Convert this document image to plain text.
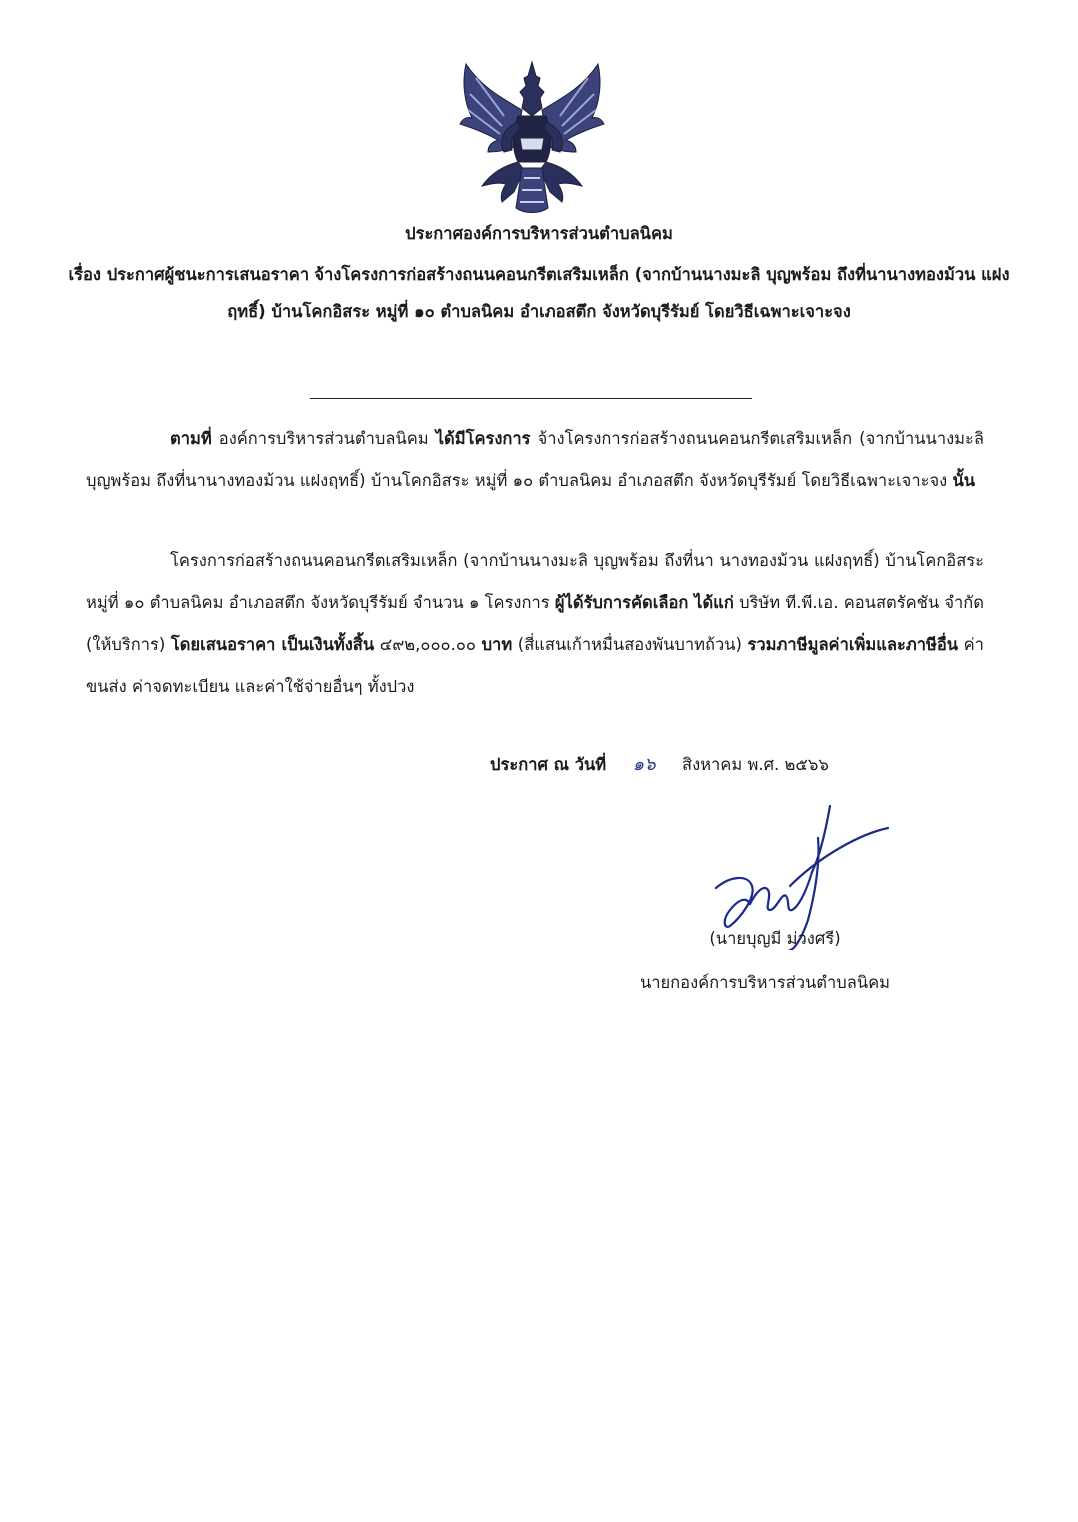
ประกาศองค์การบริหารส่วนตำบลนิคม
เรื่อง ประกาศผู้ชนะการเสนอราคา จ้างโครงการก่อสร้างถนนคอนกรีตเสริมเหล็ก (จากบ้านนางมะลิ บุญพร้อม ถึงที่นานางทองม้วน แฝงฤทธิ์) บ้านโคกอิสระ หมู่ที่ ๑๐ ตำบลนิคม อำเภอสตึก จังหวัดบุรีรัมย์ โดยวิธีเฉพาะเจาะจง
ตามที่ องค์การบริหารส่วนตำบลนิคม ได้มีโครงการ จ้างโครงการก่อสร้างถนนคอนกรีตเสริมเหล็ก (จากบ้านนางมะลิ บุญพร้อม ถึงที่นานางทองม้วน แฝงฤทธิ์) บ้านโคกอิสระ หมู่ที่ ๑๐ ตำบลนิคม อำเภอสตึก จังหวัดบุรีรัมย์ โดยวิธีเฉพาะเจาะจง นั้น
โครงการก่อสร้างถนนคอนกรีตเสริมเหล็ก (จากบ้านนางมะลิ บุญพร้อม ถึงที่นา นางทองม้วน แฝงฤทธิ์) บ้านโคกอิสระ หมู่ที่ ๑๐ ตำบลนิคม อำเภอสตึก จังหวัดบุรีรัมย์ จำนวน ๑ โครงการ ผู้ได้รับการคัดเลือก ได้แก่ บริษัท ที.พี.เอ. คอนสตรัคชัน จำกัด (ให้บริการ) โดยเสนอราคา เป็นเงินทั้งสิ้น ๔๙๒,๐๐๐.๐๐ บาท (สี่แสนเก้าหมื่นสองพันบาทถ้วน) รวมภาษีมูลค่าเพิ่มและภาษีอื่น ค่าขนส่ง ค่าจดทะเบียน และค่าใช้จ่ายอื่นๆ ทั้งปวง
ประกาศ ณ วันที่ ๑๖ สิงหาคม พ.ศ. ๒๕๖๖
(นายบุญมี ม่วงศรี)
นายกองค์การบริหารส่วนตำบลนิคม
